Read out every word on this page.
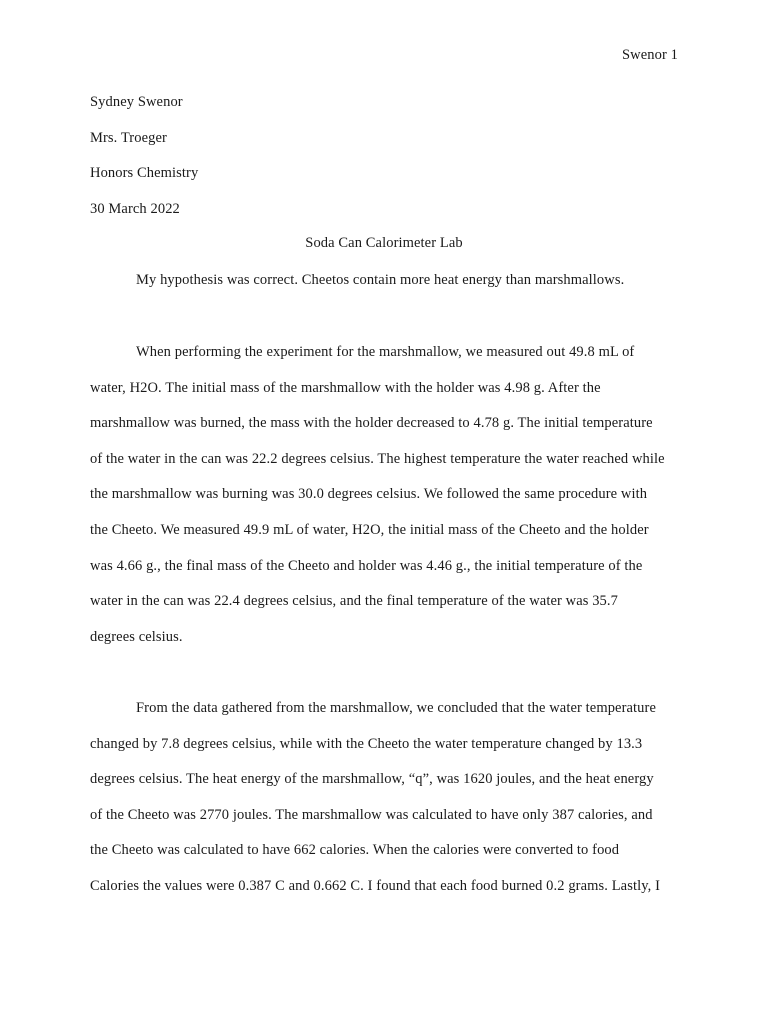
Swenor 1
Sydney Swenor
Mrs. Troeger
Honors Chemistry
30 March 2022
Soda Can Calorimeter Lab
My hypothesis was correct. Cheetos contain more heat energy than marshmallows.
When performing the experiment for the marshmallow, we measured out 49.8 mL of
water, H2O. The initial mass of the marshmallow with the holder was 4.98 g. After the
marshmallow was burned, the mass with the holder decreased to 4.78 g. The initial temperature
of the water in the can was 22.2 degrees celsius. The highest temperature the water reached while
the marshmallow was burning was 30.0 degrees celsius. We followed the same procedure with
the Cheeto. We measured 49.9 mL of water, H2O, the initial mass of the Cheeto and the holder
was 4.66 g., the final mass of the Cheeto and holder was 4.46 g., the initial temperature of the
water in the can was 22.4 degrees celsius, and the final temperature of the water was 35.7
degrees celsius.
From the data gathered from the marshmallow, we concluded that the water temperature
changed by 7.8 degrees celsius, while with the Cheeto the water temperature changed by 13.3
degrees celsius. The heat energy of the marshmallow, “q”, was 1620 joules, and the heat energy
of the Cheeto was 2770 joules. The marshmallow was calculated to have only 387 calories, and
the Cheeto was calculated to have 662 calories. When the calories were converted to food
Calories the values were 0.387 C and 0.662 C. I found that each food burned 0.2 grams. Lastly, I
